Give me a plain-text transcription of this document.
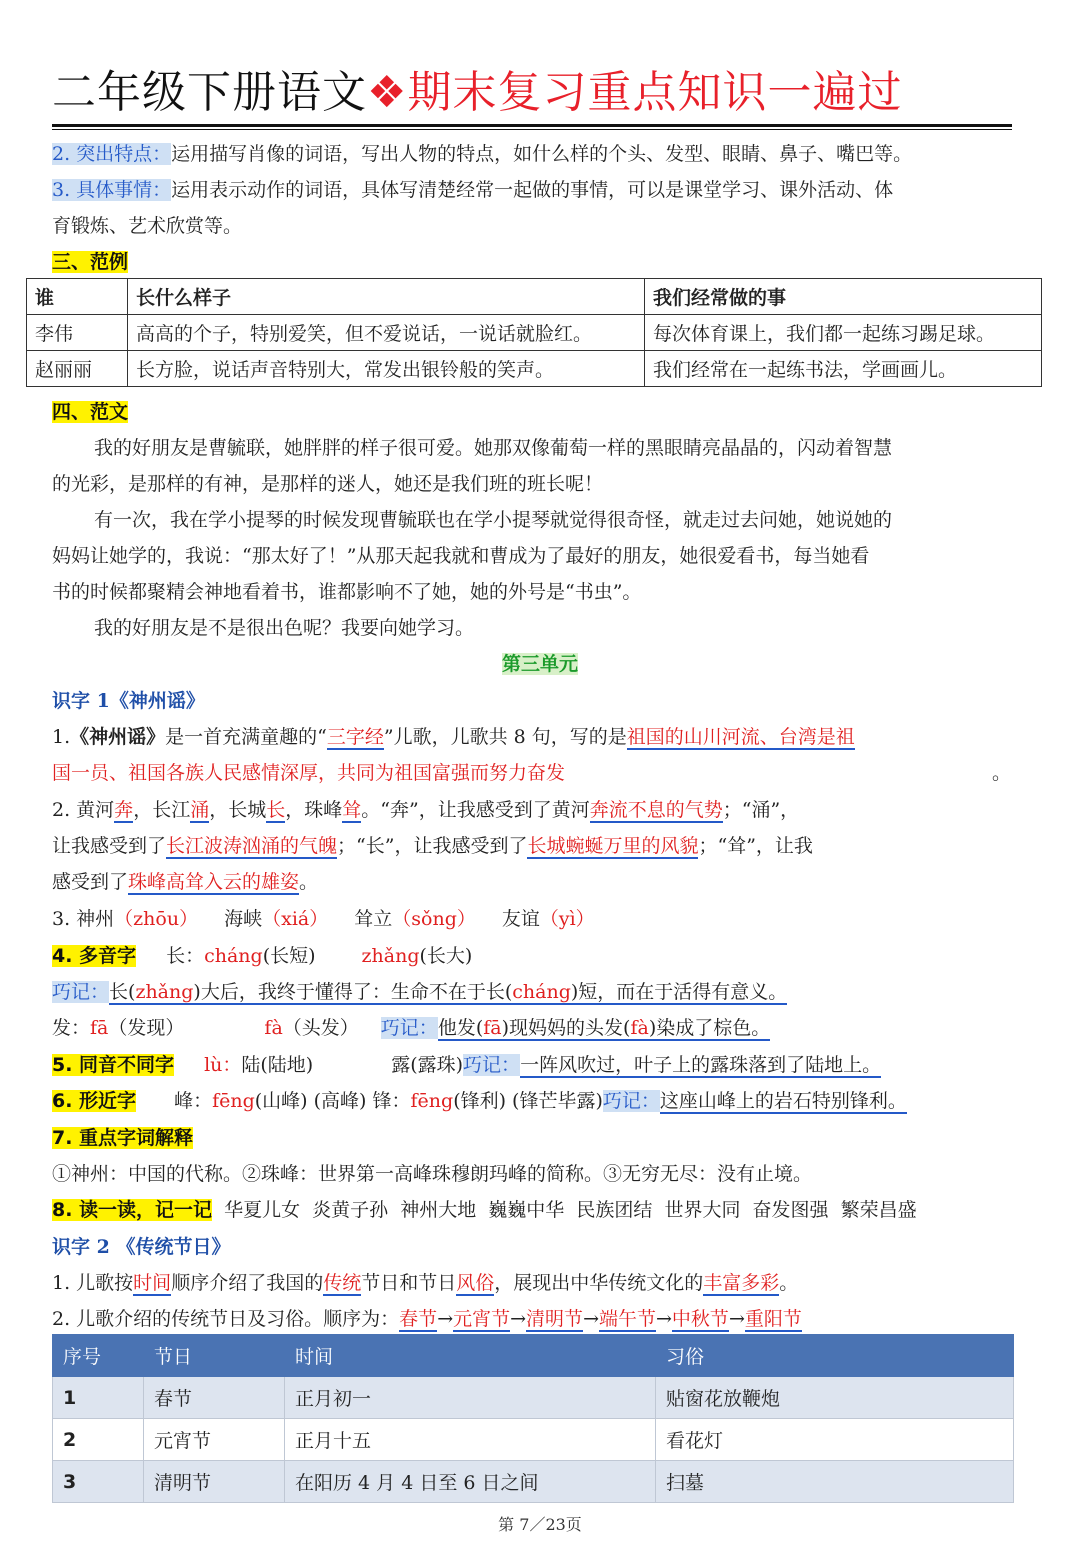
二年级下册语文❖期末复习重点知识一遍过
2. 突出特点：运用描写肖像的词语，写出人物的特点，如什么样的个头、发型、眼睛、鼻子、嘴巴等。
3. 具体事情：运用表示动作的词语，具体写清楚经常一起做的事情，可以是课堂学习、课外活动、体
育锻炼、艺术欣赏等。
三、范例
谁	长什么样子	我们经常做的事
李伟	高高的个子，特别爱笑，但不爱说话，一说话就脸红。	每次体育课上，我们都一起练习踢足球。
赵丽丽	长方脸，说话声音特别大，常发出银铃般的笑声。	我们经常在一起练书法，学画画儿。
四、范文
我的好朋友是曹毓联，她胖胖的样子很可爱。她那双像葡萄一样的黑眼睛亮晶晶的，闪动着智慧
的光彩，是那样的有神，是那样的迷人，她还是我们班的班长呢！
有一次，我在学小提琴的时候发现曹毓联也在学小提琴就觉得很奇怪，就走过去问她，她说她的
妈妈让她学的，我说：“那太好了！”从那天起我就和曹成为了最好的朋友，她很爱看书，每当她看
书的时候都聚精会神地看着书，谁都影响不了她，她的外号是“书虫”。
我的好朋友是不是很出色呢？我要向她学习。
第三单元
识字 1《神州谣》
1.《神州谣》是一首充满童趣的“三字经”儿歌，儿歌共 8 句，写的是祖国的山川河流、台湾是祖
国一员、祖国各族人民感情深厚，共同为祖国富强而努力奋发	。
2. 黄河奔，长江涌，长城长，珠峰耸。“奔”，让我感受到了黄河奔流不息的气势；“涌”，
让我感受到了长江波涛汹涌的气魄；“长”，让我感受到了长城蜿蜒万里的风貌；“耸”，让我
感受到了珠峰高耸入云的雄姿。
3. 神州（zhōu） 海峡（xiá） 耸立（sǒng） 友谊（yì）
4. 多音字 长：cháng(长短) zhǎng(长大)
巧记：长(zhǎng)大后，我终于懂得了：生命不在于长(cháng)短，而在于活得有意义。
发：fā（发现）	fà（头发） 巧记：他发(fā)现妈妈的头发(fà)染成了棕色。
5. 同音不同字 lù：陆(陆地)	露(露珠)巧记：一阵风吹过，叶子上的露珠落到了陆地上。
6. 形近字 峰：fēng(山峰) (高峰) 锋：fēng(锋利) (锋芒毕露)巧记：这座山峰上的岩石特别锋利。
7. 重点字词解释
①神州：中国的代称。②珠峰：世界第一高峰珠穆朗玛峰的简称。③无穷无尽：没有止境。
8. 读一读，记一记 华夏儿女  炎黄子孙  神州大地  巍巍中华  民族团结  世界大同  奋发图强  繁荣昌盛
识字 2 《传统节日》
1. 儿歌按时间顺序介绍了我国的传统节日和节日风俗，展现出中华传统文化的丰富多彩。
2. 儿歌介绍的传统节日及习俗。顺序为：春节→元宵节→清明节→端午节→中秋节→重阳节
序号	节日	时间	习俗
1	春节	正月初一	贴窗花放鞭炮
2	元宵节	正月十五	看花灯
3	清明节	在阳历 4 月 4 日至 6 日之间	扫墓
第 7／23页
